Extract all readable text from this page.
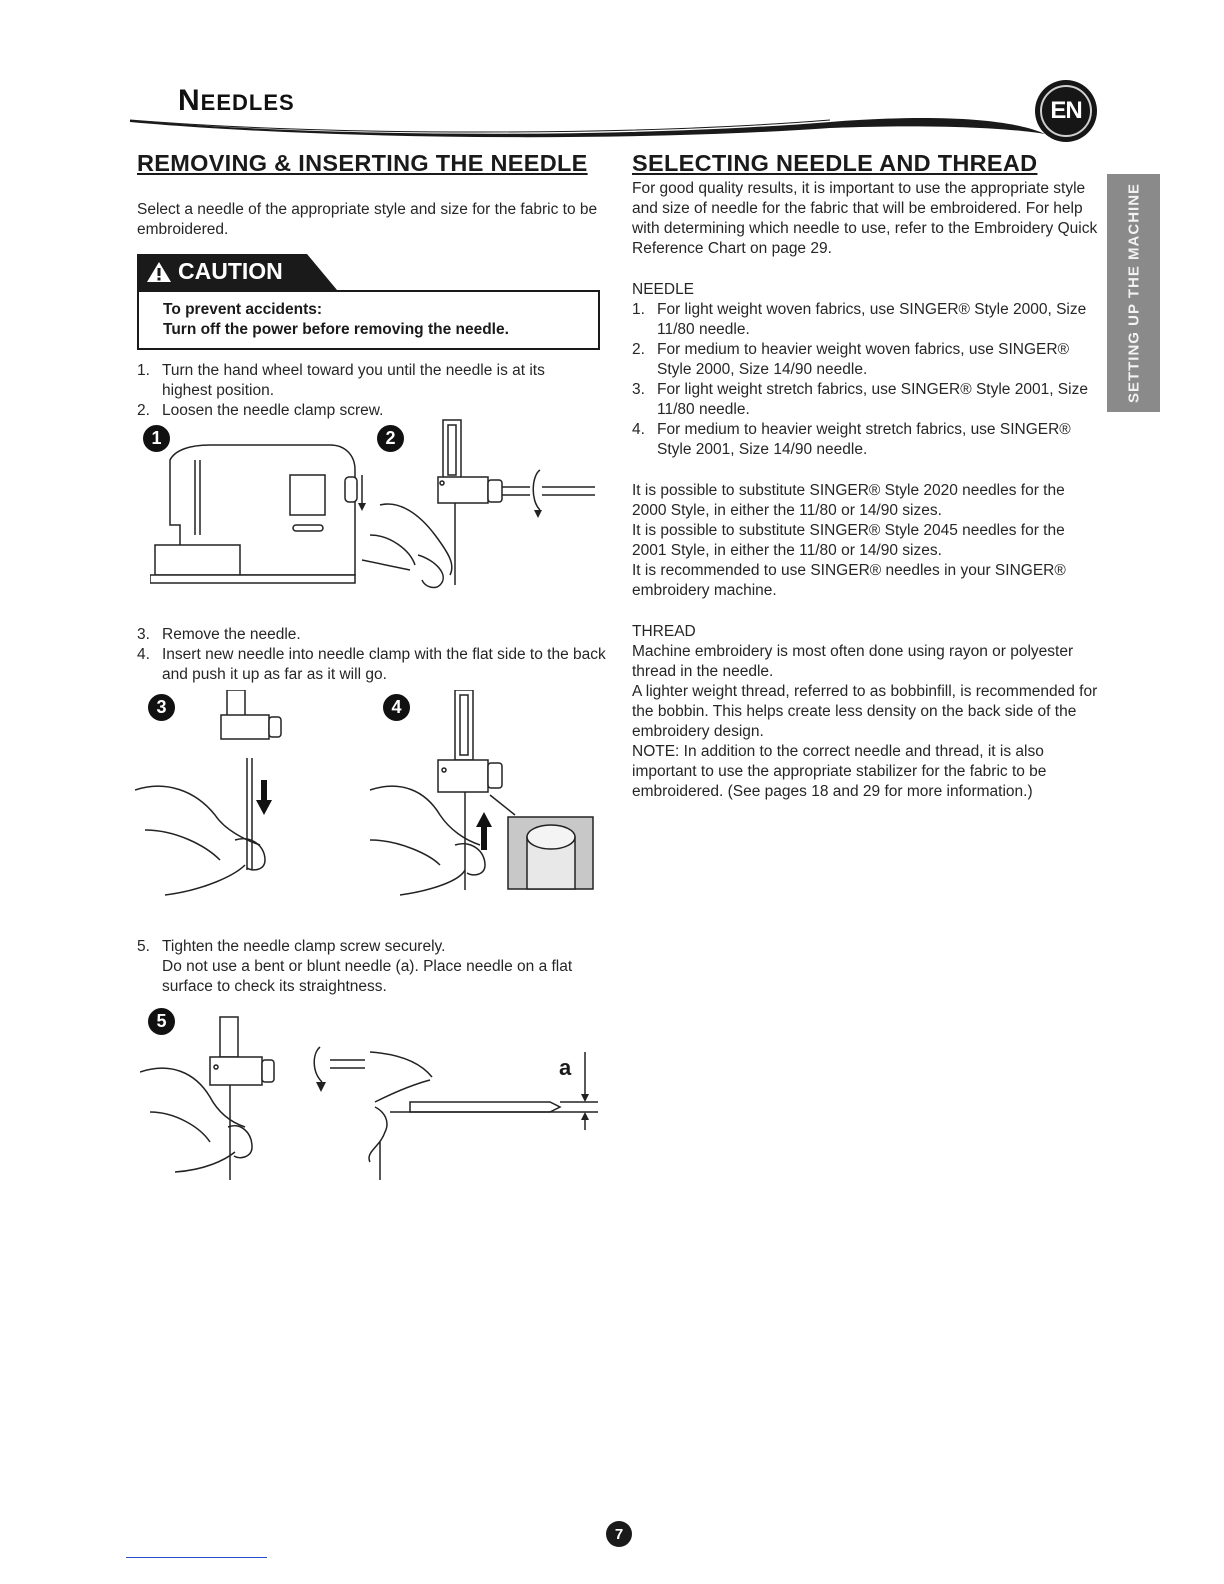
NEEDLES	EN
SETTING UP THE MACHINE
REMOVING & INSERTING THE NEEDLE
Select a needle of the appropriate style and size for the fabric to be embroidered.
CAUTION
To prevent accidents:
Turn off the power before removing the needle.
1. Turn the hand wheel toward you until the needle is at its highest position.
2. Loosen the needle clamp screw.
1	2
3. Remove the needle.
4. Insert new needle into needle clamp with the flat side to the back and push it up as far as it will go.
3	4
5. Tighten the needle clamp screw securely.
Do not use a bent or blunt needle (a). Place needle on a flat surface to check its straightness.
5
a
SELECTING NEEDLE AND THREAD
For good quality results, it is important to use the appropriate style and size of needle for the fabric that will be embroidered. For help with determining which needle to use, refer to the Embroidery Quick Reference Chart on page 29.
NEEDLE
1. For light weight woven fabrics, use SINGER® Style 2000, Size 11/80 needle.
2. For medium to heavier weight woven fabrics, use SINGER® Style 2000, Size 14/90 needle.
3. For light weight stretch fabrics, use SINGER® Style 2001, Size 11/80 needle.
4. For medium to heavier weight stretch fabrics, use SINGER® Style 2001, Size 14/90 needle.
It is possible to substitute SINGER® Style 2020 needles for the 2000 Style, in either the 11/80 or 14/90 sizes.
It is possible to substitute SINGER® Style 2045 needles for the 2001 Style, in either the 11/80 or 14/90 sizes.
It is recommended to use SINGER® needles in your SINGER® embroidery machine.
THREAD
Machine embroidery is most often done using rayon or polyester thread in the needle.
A lighter weight thread, referred to as bobbinfill, is recommended for the bobbin. This helps create less density on the back side of the embroidery design.
NOTE: In addition to the correct needle and thread, it is also important to use the appropriate stabilizer for the fabric to be embroidered. (See pages 18 and 29 for more information.)
7
